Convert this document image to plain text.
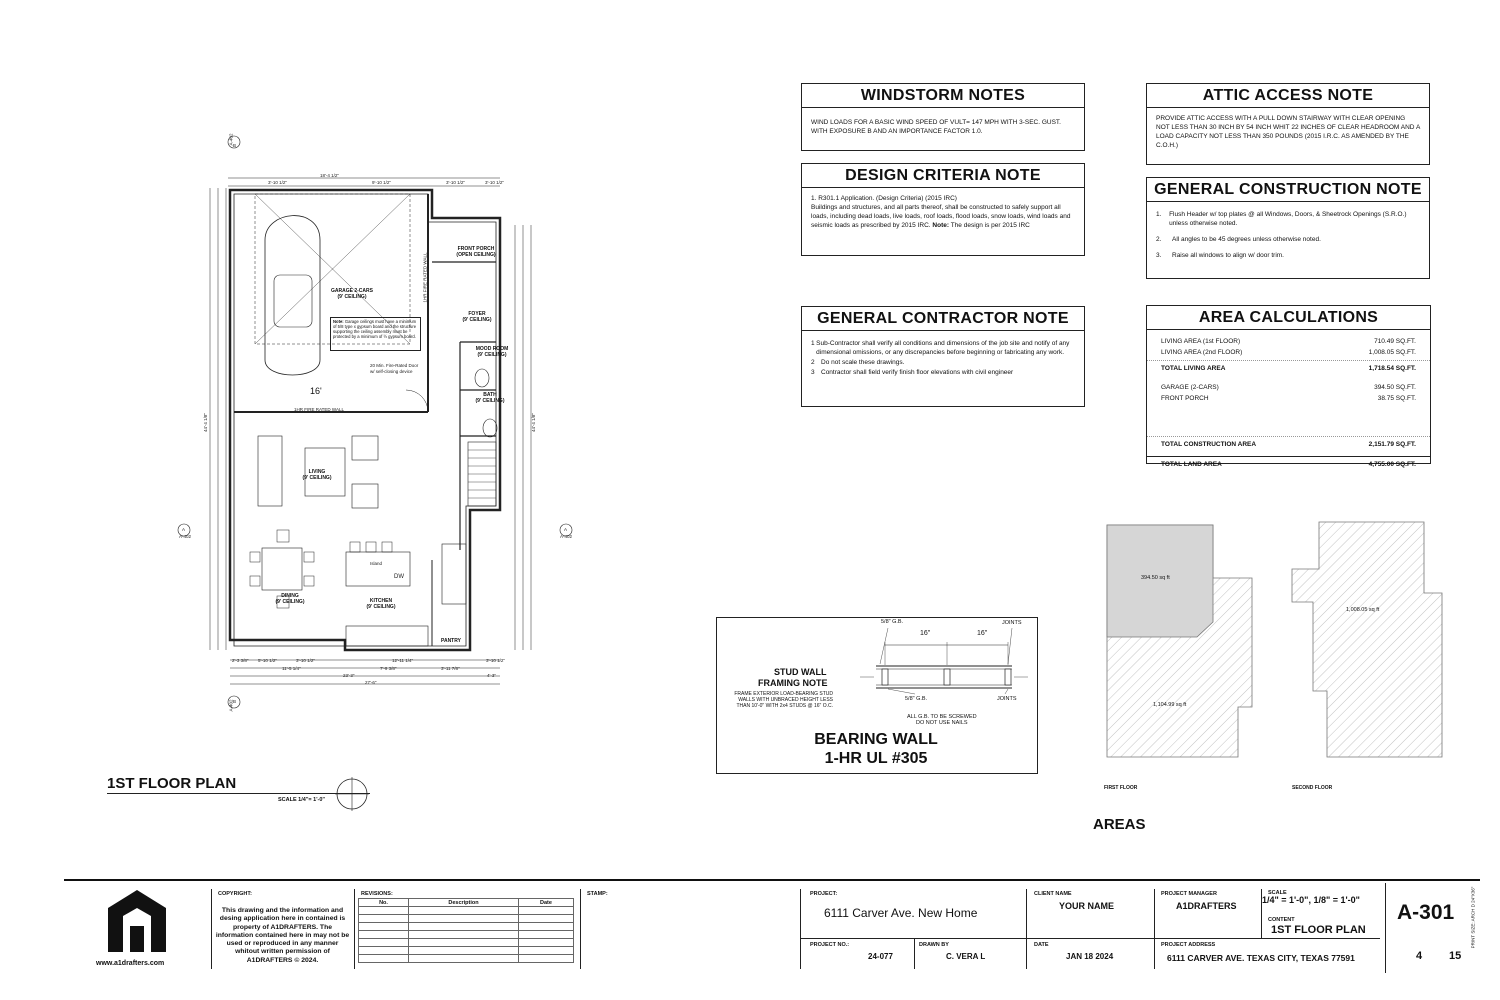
WINDSTORM NOTES
WIND LOADS FOR A BASIC WIND SPEED OF VULT= 147 MPH WITH 3-SEC. GUST. WITH EXPOSURE B AND AN IMPORTANCE FACTOR 1.0.
ATTIC ACCESS NOTE
PROVIDE ATTIC ACCESS WITH A PULL DOWN STAIRWAY WITH CLEAR OPENING NOT LESS THAN 30 INCH BY 54 INCH WHIT 22 INCHES OF CLEAR HEADROOM AND A LOAD CAPACITY NOT LESS THAN 350 POUNDS (2015 I.R.C. AS AMENDED BY THE C.O.H.)
DESIGN CRITERIA NOTE
1. R301.1 Application. (Design Criteria) (2015 IRC)
Buildings and structures, and all parts thereof, shall be constructed to safely support all loads, including dead loads, live loads, roof loads, flood loads, snow loads, wind loads and seismic loads as prescribed by 2015 IRC. Note: The design is per 2015 IRC
GENERAL CONSTRUCTION NOTE
1.	Flush Header w/ top plates @ all Windows, Doors, & Sheetrock Openings (S.R.O.) unless otherwise noted.
2.	All angles to be 45 degrees unless otherwise noted.
3.	Raise all windows to align w/ door trim.
GENERAL CONTRACTOR NOTE
1 Sub-Contractor shall verify all conditions and dimensions of the job site and notify of any dimensional omissions, or any discrepancies before beginning or fabricating any work.
2 Do not scale these drawings.
3 Contractor shall field verify finish floor elevations with civil engineer
AREA CALCULATIONS
LIVING AREA (1st FLOOR)	710.49 SQ.FT.
LIVING AREA (2nd FLOOR)	1,008.05 SQ.FT.
TOTAL LIVING AREA	1,718.54 SQ.FT.
GARAGE (2-CARS)	394.50 SQ.FT.
FRONT PORCH	38.75 SQ.FT.
TOTAL CONSTRUCTION AREA	2,151.79 SQ.FT.
TOTAL LAND AREA	4,755.00 SQ.FT.
394.50 sq ft
1,104.99 sq ft
1,008.05 sq ft
FIRST FLOOR	SECOND FLOOR
AREAS
STUD WALL
FRAMING NOTE
FRAME EXTERIOR LOAD-BEARING STUD WALLS WITH UNBRACED HEIGHT LESS THAN 10'-0" WITH 2x4 STUDS @ 16" O.C.
5/8" G.B.	JOINTS
16"	16"
5/8" G.B.	JOINTS
ALL G.B. TO BE SCREWED
DO NOT USE NAILS
BEARING WALL
1-HR UL #305
GARAGE 2-CARS
(9' CEILING)
Note: Garage ceilings must have a minimum of 5/8 type x gypsum board and the structure supporting the ceiling assembly must be protected by a minimum of ½ gypsum board.
FRONT PORCH
(OPEN CEILING)
FOYER
(9' CEILING)
MOOD ROOM
(9' CEILING)
BATH
(9' CEILING)
LIVING
(9' CEILING)
DINING
(9' CEILING)	KITCHEN
(9' CEILING)
PANTRY
Island
DW
1HR FIRE RATED WALL
1HR FIRE RATED WALL
20 Min. Fire-Rated Door w/ self-closing device
16'
18'-4 1/2"
3'-10 1/2"	9'-10 1/2"	3'-10 1/2"	3'-10 1/2"
2'-3 3/8" 5'-10 1/2"	3'-10 1/2"	12'-11 1/4"	3'-10 1/2"
11'-5 1/4"	7'-9 3/8"	3'-11 7/8"
4'-3"
23'-3"
27'-6"
44'-4 1/8"	44'-4 1/8"
A
A-402
A
A-402
B
A-402
B
A-402
1ST FLOOR PLAN
SCALE 1/4"= 1'-0"
www.a1drafters.com
COPYRIGHT:
This drawing and the information and desing application here in contained is property of A1DRAFTERS. The information contained here in may not be used or reproduced in any manner whitout written permission of A1DRAFTERS © 2024.
REVISIONS:
No.	Description	Date

STAMP:	PROJECT:
6111 Carver Ave. New Home
PROJECT NO.:
24-077
DRAWN BY
C. VERA L
CLIENT NAME
YOUR NAME
DATE
JAN 18 2024
PROJECT MANAGER
A1DRAFTERS
PROJECT ADDRESS
6111 CARVER AVE. TEXAS CITY, TEXAS 77591
SCALE
1/4" = 1'-0", 1/8" = 1'-0"
CONTENT
1ST FLOOR PLAN
A-301
4 15
PRINT SIZE: ARCH D 24"X36"
